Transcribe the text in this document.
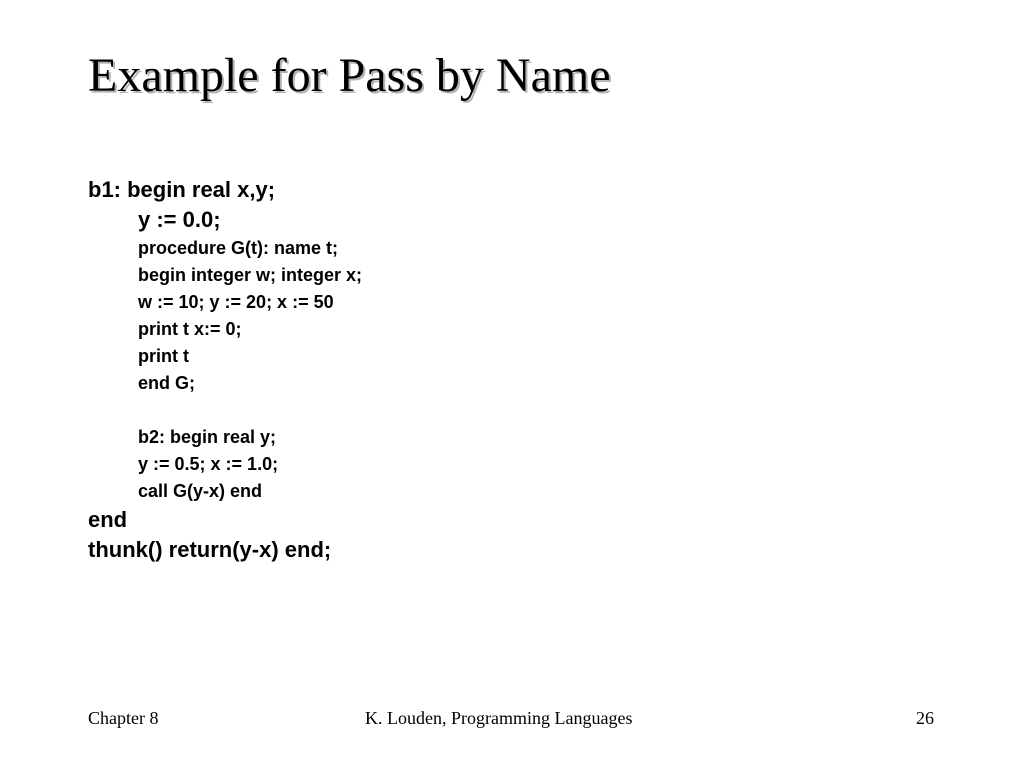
Example for Pass by Name
b1: begin real x,y;
y := 0.0;
procedure G(t): name t;
begin integer w; integer x;
w := 10; y := 20; x := 50
print t x:= 0;
print t
end G;
b2: begin real y;
y := 0.5; x := 1.0;
call G(y-x) end
end
thunk() return(y-x) end;
Chapter 8	K. Louden, Programming Languages	26
